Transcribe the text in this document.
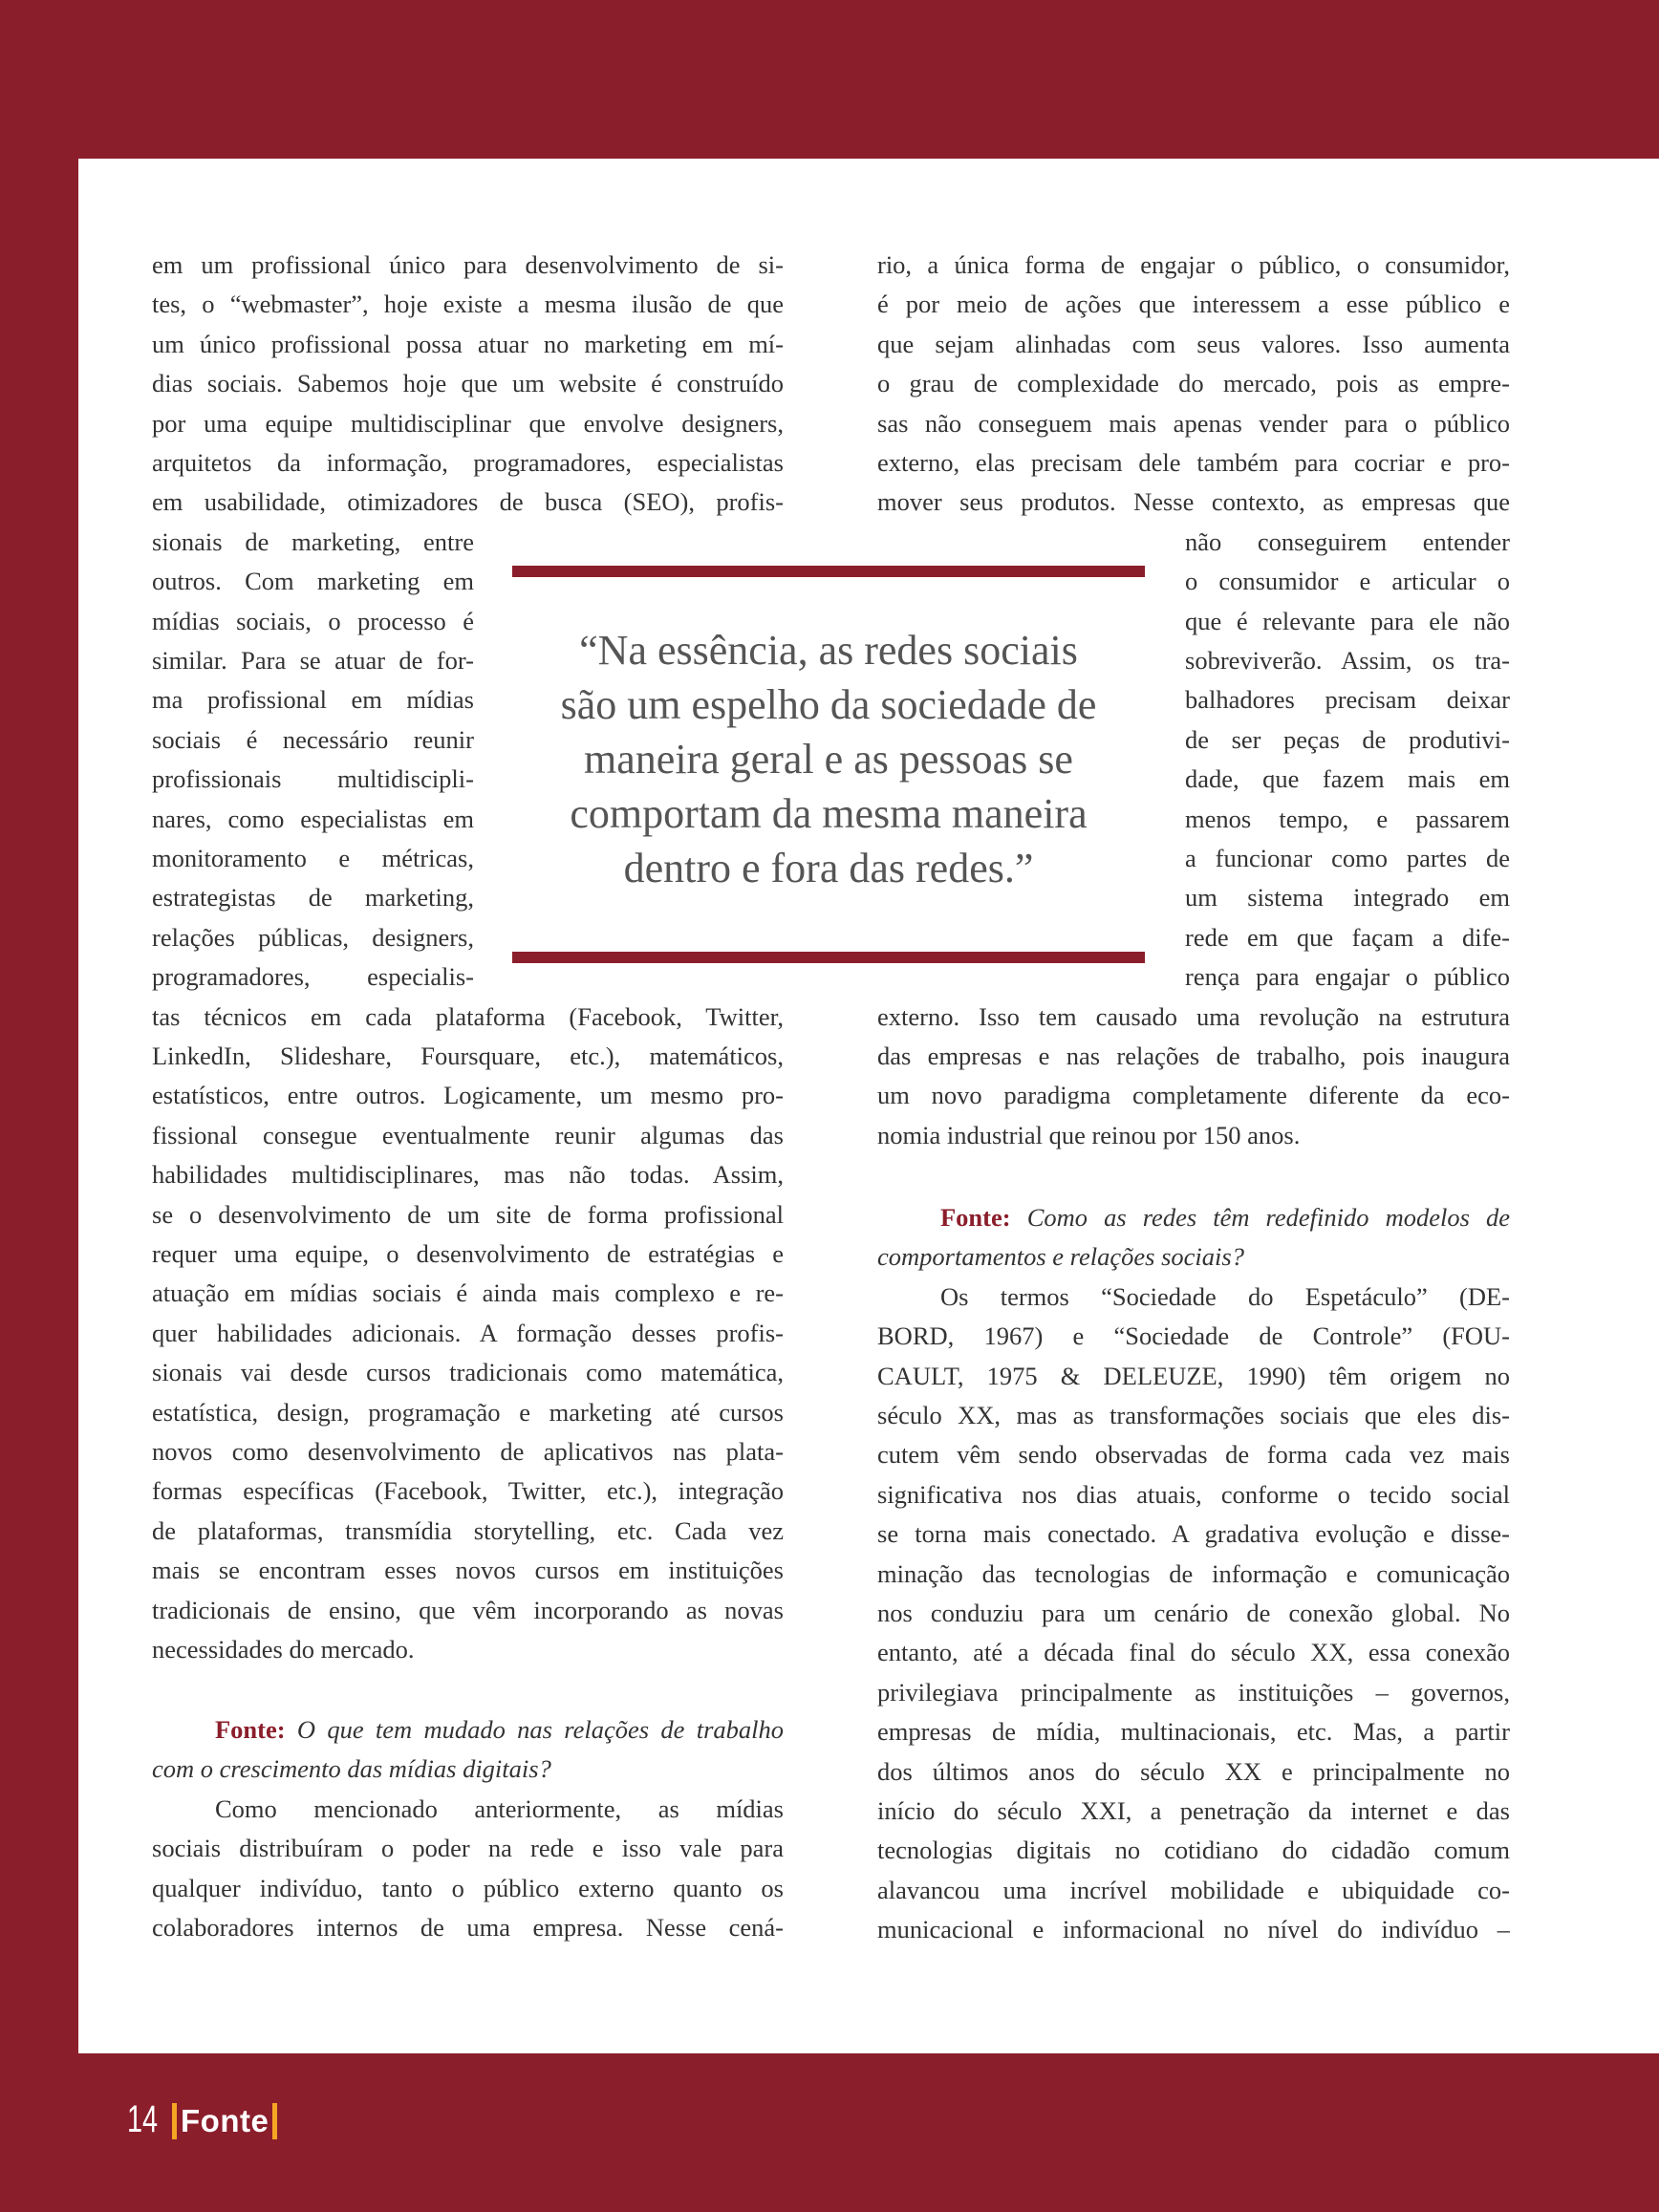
em um profissional único para desenvolvimento de si-
tes, o “webmaster”, hoje existe a mesma ilusão de que
um único profissional possa atuar no marketing em mí-
dias sociais. Sabemos hoje que um website é construído
por uma equipe multidisciplinar que envolve designers,
arquitetos da informação, programadores, especialistas
em usabilidade, otimizadores de busca (SEO), profis-
sionais de marketing, entre
outros. Com marketing em
mídias sociais, o processo é
similar. Para se atuar de for-
ma profissional em mídias
sociais é necessário reunir
profissionais multidiscipli-
nares, como especialistas em
monitoramento e métricas,
estrategistas de marketing,
relações públicas, designers,
programadores, especialis-
tas técnicos em cada plataforma (Facebook, Twitter,
LinkedIn, Slideshare, Foursquare, etc.), matemáticos,
estatísticos, entre outros. Logicamente, um mesmo pro-
fissional consegue eventualmente reunir algumas das
habilidades multidisciplinares, mas não todas. Assim,
se o desenvolvimento de um site de forma profissional
requer uma equipe, o desenvolvimento de estratégias e
atuação em mídias sociais é ainda mais complexo e re-
quer habilidades adicionais. A formação desses profis-
sionais vai desde cursos tradicionais como matemática,
estatística, design, programação e marketing até cursos
novos como desenvolvimento de aplicativos nas plata-
formas específicas (Facebook, Twitter, etc.), integração
de plataformas, transmídia storytelling, etc. Cada vez
mais se encontram esses novos cursos em instituições
tradicionais de ensino, que vêm incorporando as novas
necessidades do mercado.
Fonte: O que tem mudado nas relações de trabalho
com o crescimento das mídias digitais?
Como mencionado anteriormente, as mídias
sociais distribuíram o poder na rede e isso vale para
qualquer indivíduo, tanto o público externo quanto os
colaboradores internos de uma empresa. Nesse cená-
rio, a única forma de engajar o público, o consumidor,
é por meio de ações que interessem a esse público e
que sejam alinhadas com seus valores. Isso aumenta
o grau de complexidade do mercado, pois as empre-
sas não conseguem mais apenas vender para o público
externo, elas precisam dele também para cocriar e pro-
mover seus produtos. Nesse contexto, as empresas que
não conseguirem entender
o consumidor e articular o
que é relevante para ele não
sobreviverão. Assim, os tra-
balhadores precisam deixar
de ser peças de produtivi-
dade, que fazem mais em
menos tempo, e passarem
a funcionar como partes de
um sistema integrado em
rede em que façam a dife-
rença para engajar o público
externo. Isso tem causado uma revolução na estrutura
das empresas e nas relações de trabalho, pois inaugura
um novo paradigma completamente diferente da eco-
nomia industrial que reinou por 150 anos.
Fonte: Como as redes têm redefinido modelos de
comportamentos e relações sociais?
Os termos “Sociedade do Espetáculo” (DE-
BORD, 1967) e “Sociedade de Controle” (FOU-
CAULT, 1975 & DELEUZE, 1990) têm origem no
século XX, mas as transformações sociais que eles dis-
cutem vêm sendo observadas de forma cada vez mais
significativa nos dias atuais, conforme o tecido social
se torna mais conectado. A gradativa evolução e disse-
minação das tecnologias de informação e comunicação
nos conduziu para um cenário de conexão global. No
entanto, até a década final do século XX, essa conexão
privilegiava principalmente as instituições – governos,
empresas de mídia, multinacionais, etc. Mas, a partir
dos últimos anos do século XX e principalmente no
início do século XXI, a penetração da internet e das
tecnologias digitais no cotidiano do cidadão comum
alavancou uma incrível mobilidade e ubiquidade co-
municacional e informacional no nível do indivíduo –
“Na essência, as redes sociais
são um espelho da sociedade de
maneira geral e as pessoas se
comportam da mesma maneira
dentro e fora das redes.”
14 Fonte
